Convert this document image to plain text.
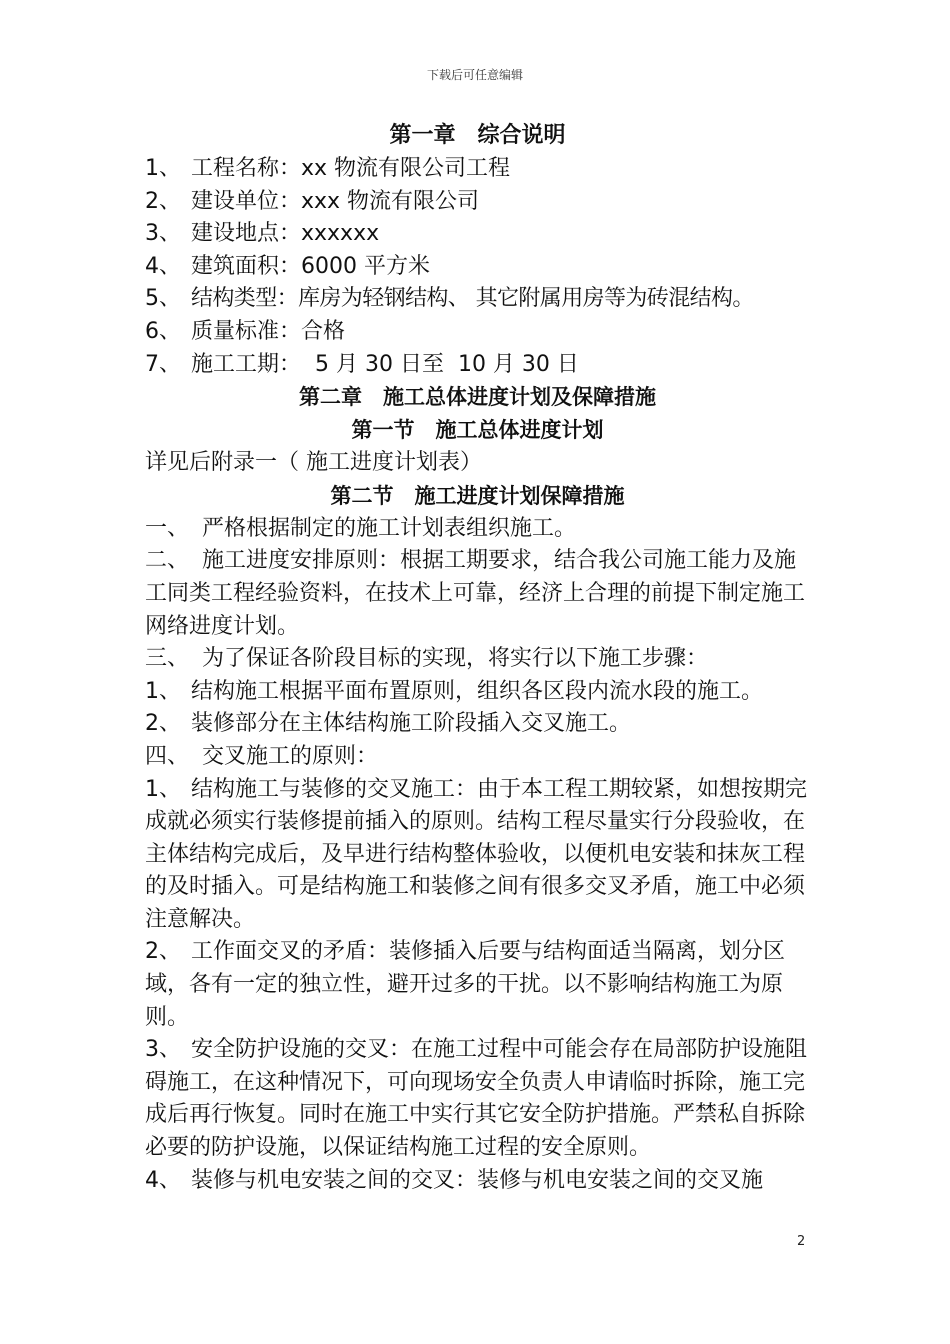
下载后可任意编辑
第一章　综合说明
1、 工程名称：xx 物流有限公司工程
2、 建设单位：xxx 物流有限公司
3、 建设地点：xxxxxx
4、 建筑面积：6000 平方米
5、 结构类型：库房为轻钢结构、 其它附属用房等为砖混结构。
6、 质量标准：合格
7、 施工工期：  5 月 30 日至  10 月 30 日
第二章　施工总体进度计划及保障措施
第一节　施工总体进度计划
详见后附录一（ 施工进度计划表）
第二节　施工进度计划保障措施
一、 严格根据制定的施工计划表组织施工。
二、 施工进度安排原则：根据工期要求，结合我公司施工能力及施工同类工程经验资料，在技术上可靠，经济上合理的前提下制定施工网络进度计划。
三、 为了保证各阶段目标的实现，将实行以下施工步骤：
1、 结构施工根据平面布置原则，组织各区段内流水段的施工。
2、 装修部分在主体结构施工阶段插入交叉施工。
四、 交叉施工的原则：
1、 结构施工与装修的交叉施工：由于本工程工期较紧，如想按期完成就必须实行装修提前插入的原则。结构工程尽量实行分段验收，在主体结构完成后，及早进行结构整体验收，以便机电安装和抹灰工程的及时插入。可是结构施工和装修之间有很多交叉矛盾，施工中必须注意解决。
2、 工作面交叉的矛盾：装修插入后要与结构面适当隔离，划分区域，各有一定的独立性，避开过多的干扰。以不影响结构施工为原则。
3、 安全防护设施的交叉：在施工过程中可能会存在局部防护设施阻碍施工，在这种情况下，可向现场安全负责人申请临时拆除，施工完成后再行恢复。同时在施工中实行其它安全防护措施。严禁私自拆除必要的防护设施，以保证结构施工过程的安全原则。
4、 装修与机电安装之间的交叉：装修与机电安装之间的交叉施
2
